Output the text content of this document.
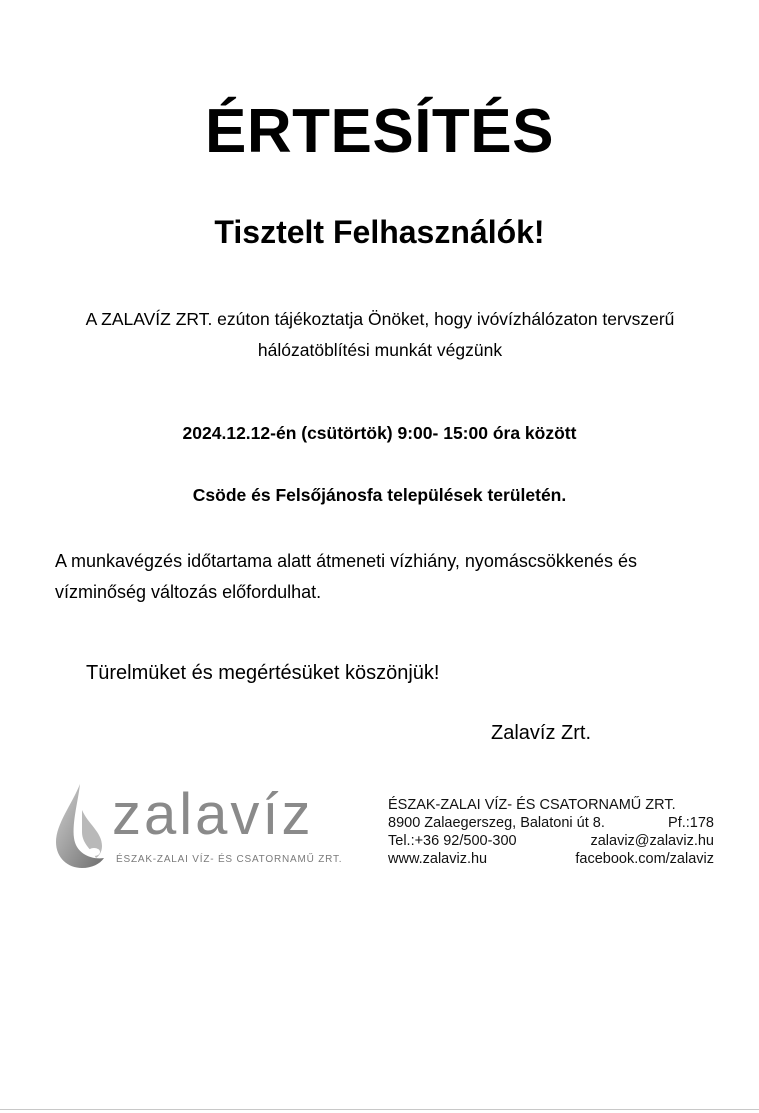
ÉRTESÍTÉS
Tisztelt Felhasználók!
A ZALAVÍZ ZRT. ezúton tájékoztatja Önöket, hogy ivóvízhálózaton tervszerű
hálózatöblítési munkát végzünk
2024.12.12-én (csütörtök) 9:00- 15:00 óra között
Csöde és Felsőjánosfa települések területén.
A munkavégzés időtartama alatt átmeneti vízhiány, nyomáscsökkenés és
vízminőség változás előfordulhat.
Türelmüket és megértésüket köszönjük!
Zalavíz Zrt.
zalavíz
ÉSZAK-ZALAI VÍZ- ÉS CSATORNAMŰ ZRT.
ÉSZAK-ZALAI VÍZ- ÉS CSATORNAMŰ ZRT.
8900 Zalaegerszeg, Balatoni út 8.	Pf.:178
Tel.:+36 92/500-300	zalaviz@zalaviz.hu
www.zalaviz.hu	facebook.com/zalaviz
